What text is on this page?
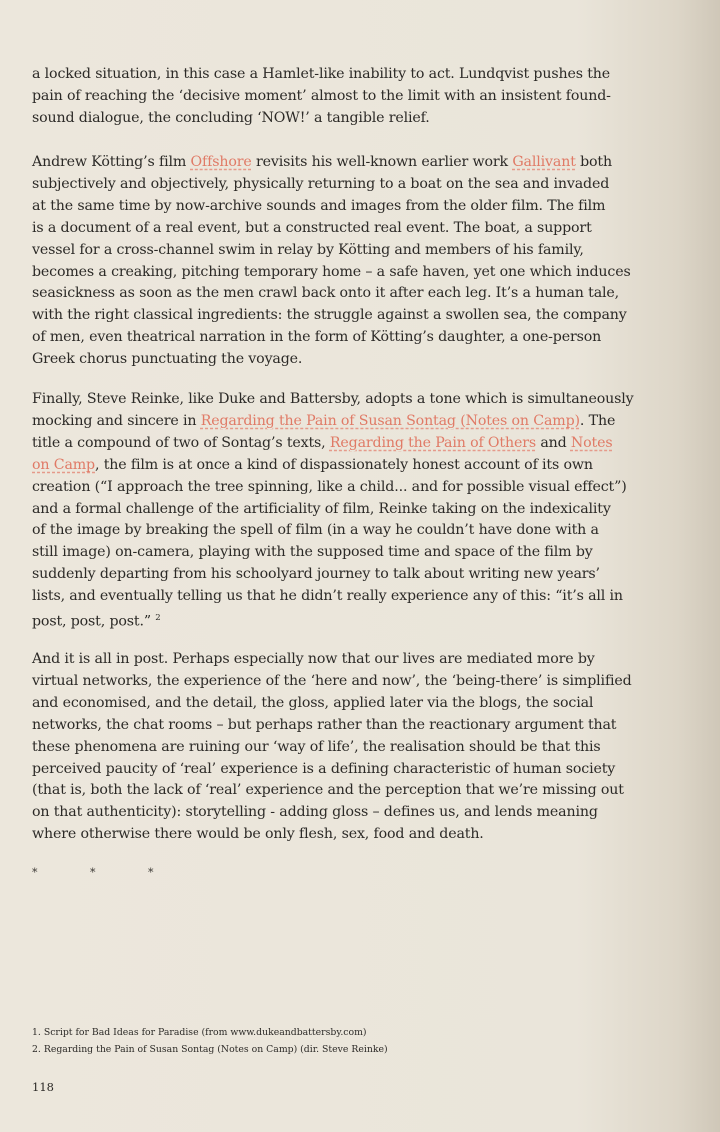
a locked situation, in this case a Hamlet-like inability to act. Lundqvist pushes the
pain of reaching the ‘decisive moment’ almost to the limit with an insistent found-
sound dialogue, the concluding ‘NOW!’ a tangible relief.
Andrew Kötting’s film Offshore revisits his well-known earlier work Gallivant both
subjectively and objectively, physically returning to a boat on the sea and invaded
at the same time by now-archive sounds and images from the older film. The film
is a document of a real event, but a constructed real event. The boat, a support
vessel for a cross-channel swim in relay by Kötting and members of his family,
becomes a creaking, pitching temporary home – a safe haven, yet one which induces
seasickness as soon as the men crawl back onto it after each leg. It’s a human tale,
with the right classical ingredients: the struggle against a swollen sea, the company
of men, even theatrical narration in the form of Kötting’s daughter, a one-person
Greek chorus punctuating the voyage.
Finally, Steve Reinke, like Duke and Battersby, adopts a tone which is simultaneously
mocking and sincere in Regarding the Pain of Susan Sontag (Notes on Camp). The
title a compound of two of Sontag’s texts, Regarding the Pain of Others and Notes
on Camp, the film is at once a kind of dispassionately honest account of its own
creation (“I approach the tree spinning, like a child... and for possible visual effect”)
and a formal challenge of the artificiality of film, Reinke taking on the indexicality
of the image by breaking the spell of film (in a way he couldn’t have done with a
still image) on-camera, playing with the supposed time and space of the film by
suddenly departing from his schoolyard journey to talk about writing new years’
lists, and eventually telling us that he didn’t really experience any of this: “it’s all in
post, post, post.” $^2$
And it is all in post. Perhaps especially now that our lives are mediated more by
virtual networks, the experience of the ‘here and now’, the ‘being-there’ is simplified
and economised, and the detail, the gloss, applied later via the blogs, the social
networks, the chat rooms – but perhaps rather than the reactionary argument that
these phenomena are ruining our ‘way of life’, the realisation should be that this
perceived paucity of ‘real’ experience is a defining characteristic of human society
(that is, both the lack of ‘real’ experience and the perception that we’re missing out
on that authenticity): storytelling - adding gloss – defines us, and lends meaning
where otherwise there would be only flesh, sex, food and death.
*	*	*
1. Script for Bad Ideas for Paradise (from www.dukeandbattersby.com)
2. Regarding the Pain of Susan Sontag (Notes on Camp) (dir. Steve Reinke)
118
